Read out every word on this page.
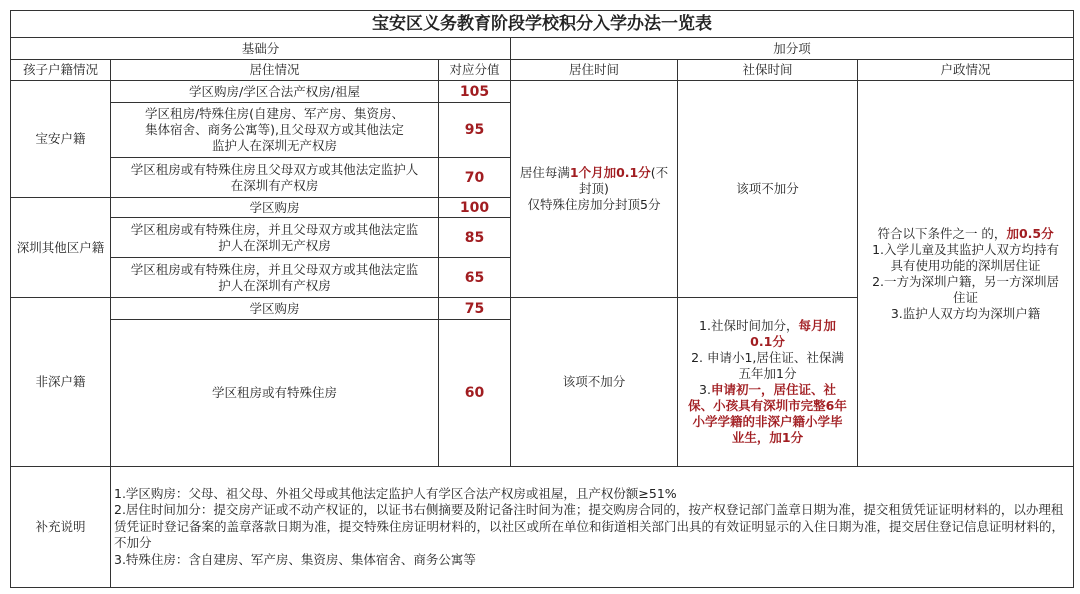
宝安区义务教育阶段学校积分入学办法一览表					
基础分			加分项		
孩子户籍情况	居住情况	对应分值	居住时间	社保时间	户政情况
宝安户籍	学区购房/学区合法产权房/祖屋	105	居住每满1个月加0.1分(不封顶)
仅特殊住房加分封顶5分	该项不加分	符合以下条件之一 的，加0.5分
1.入学儿童及其监护人双方均持有具有使用功能的深圳居住证
2.一方为深圳户籍，另一方深圳居住证
3.监护人双方均为深圳户籍
	学区租房/特殊住房(自建房、军产房、集资房、集体宿舍、商务公寓等),且父母双方或其他法定监护人在深圳无产权房	95			
	学区租房或有特殊住房且父母双方或其他法定监护人在深圳有产权房	70			
深圳其他区户籍	学区购房	100			
	学区租房或有特殊住房，并且父母双方或其他法定监护人在深圳无产权房	85			
	学区租房或有特殊住房，并且父母双方或其他法定监护人在深圳有产权房	65			
非深户籍	学区购房	75	该项不加分	1.社保时间加分，每月加0.1分
2. 申请小1,居住证、社保满五年加1分
3.申请初一，居住证、社保、小孩具有深圳市完整6年小学学籍的非深户籍小学毕业生，加1分	
	学区租房或有特殊住房	60			
补充说明	1.学区购房：父母、祖父母、外祖父母或其他法定监护人有学区合法产权房或祖屋，且产权份额≥51%
2.居住时间加分：提交房产证或不动产权证的，以证书右侧摘要及附记备注时间为准；提交购房合同的，按产权登记部门盖章日期为准，提交租赁凭证证明材料的，以办理租赁凭证时登记备案的盖章落款日期为准，提交特殊住房证明材料的，以社区或所在单位和街道相关部门出具的有效证明显示的入住日期为准，提交居住登记信息证明材料的，不加分
3.特殊住房：含自建房、军产房、集资房、集体宿舍、商务公寓等				
